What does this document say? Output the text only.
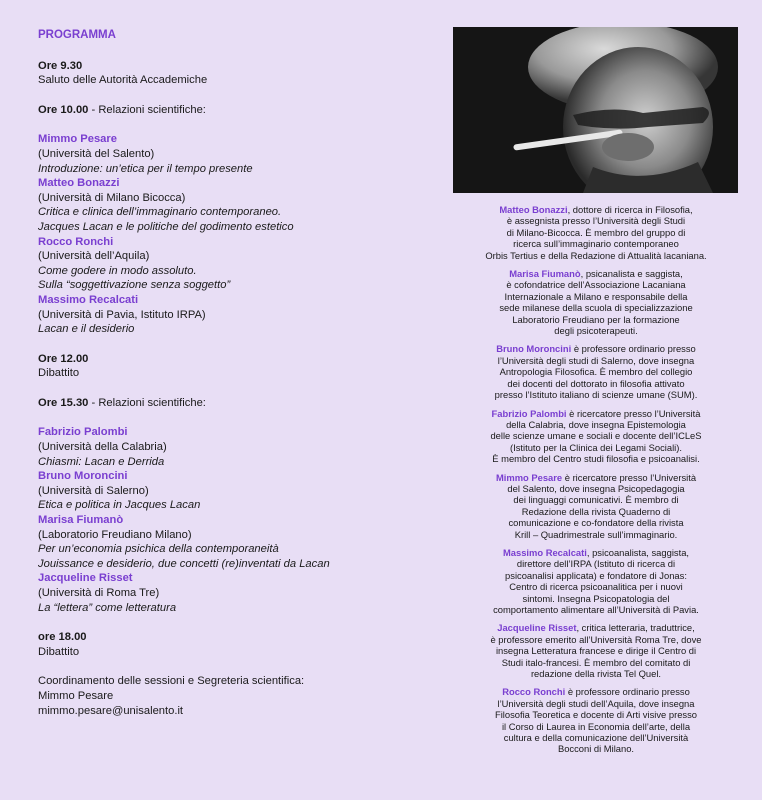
PROGRAMMA
Ore 9.30
Saluto delle Autorità Accademiche
Ore 10.00 - Relazioni scientifiche:
Mimmo Pesare
(Università del Salento)
Introduzione: un’etica per il tempo presente
Matteo Bonazzi
(Università di Milano Bicocca)
Critica e clinica dell’immaginario contemporaneo.
Jacques Lacan e le politiche del godimento estetico
Rocco Ronchi
(Università dell’Aquila)
Come godere in modo assoluto.
Sulla “soggettivazione senza soggetto”
Massimo Recalcati
(Università di Pavia, Istituto IRPA)
Lacan e il desiderio
Ore 12.00
Dibattito
Ore 15.30 - Relazioni scientifiche:
Fabrizio Palombi
(Università della Calabria)
Chiasmi: Lacan e Derrida
Bruno Moroncini
(Università di Salerno)
Etica e politica in Jacques Lacan
Marisa Fiumanò
(Laboratorio Freudiano Milano)
Per un’economia psichica della contemporaneità
Jouissance e desiderio, due concetti (re)inventati da Lacan
Jacqueline Risset
(Università di Roma Tre)
La “lettera” come letteratura
ore 18.00
Dibattito
Coordinamento delle sessioni e Segreteria scientifica:
Mimmo Pesare
mimmo.pesare@unisalento.it
Matteo Bonazzi, dottore di ricerca in Filosofia,
è assegnista presso l’Università degli Studi
di Milano-Bicocca. È membro del gruppo di
ricerca sull’immaginario contemporaneo
Orbis Tertius e della Redazione di Attualità lacaniana.
Marisa Fiumanò, psicanalista e saggista,
è cofondatrice dell’Associazione Lacaniana
Internazionale a Milano e responsabile della
sede milanese della scuola di specializzazione
Laboratorio Freudiano per la formazione
degli psicoterapeuti.
Bruno Moroncini è professore ordinario presso
l’Università degli studi di Salerno, dove insegna
Antropologia Filosofica. È membro del collegio
dei docenti del dottorato in filosofia attivato
presso l’Istituto italiano di scienze umane (SUM).
Fabrizio Palombi è ricercatore presso l’Università
della Calabria, dove insegna Epistemologia
delle scienze umane e sociali e docente dell’ICLeS
(Istituto per la Clinica dei Legami Sociali).
È membro del Centro studi filosofia e psicoanalisi.
Mimmo Pesare è ricercatore presso l’Università
del Salento, dove insegna Psicopedagogia
dei linguaggi comunicativi. È membro di
Redazione della rivista Quaderno di
comunicazione e co-fondatore della rivista
Krill – Quadrimestrale sull’immaginario.
Massimo Recalcati, psicoanalista, saggista,
direttore dell’IRPA (Istituto di ricerca di
psicoanalisi applicata) e fondatore di Jonas:
Centro di ricerca psicoanalitica per i nuovi
sintomi. Insegna Psicopatologia del
comportamento alimentare all’Università di Pavia.
Jacqueline Risset, critica letteraria, traduttrice,
è professore emerito all’Università Roma Tre, dove
insegna Letteratura francese e dirige il Centro di
Studi italo-francesi. È membro del comitato di
redazione della rivista Tel Quel.
Rocco Ronchi è professore ordinario presso
l’Università degli studi dell’Aquila, dove insegna
Filosofia Teoretica e docente di Arti visive presso
il Corso di Laurea in Economia dell’arte, della
cultura e della comunicazione dell’Università
Bocconi di Milano.
